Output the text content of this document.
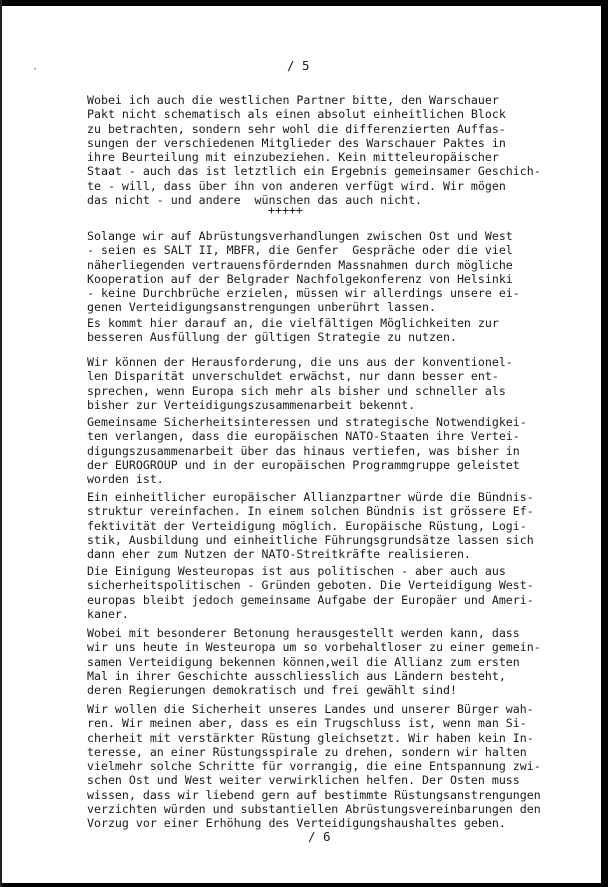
·	/ 5
Wobei ich auch die westlichen Partner bitte, den Warschauer
Pakt nicht schematisch als einen absolut einheitlichen Block
zu betrachten, sondern sehr wohl die differenzierten Auffas-
sungen der verschiedenen Mitglieder des Warschauer Paktes in
ihre Beurteilung mit einzubeziehen. Kein mitteleuropäischer
Staat - auch das ist letztlich ein Ergebnis gemeinsamer Geschich-
te - will, dass über ihn von anderen verfügt wird. Wir mögen
das nicht - und andere  wünschen das auch nicht.
+++++
Solange wir auf Abrüstungsverhandlungen zwischen Ost und West
- seien es SALT II, MBFR, die Genfer  Gespräche oder die viel
näherliegenden vertrauensfördernden Massnahmen durch mögliche
Kooperation auf der Belgrader Nachfolgekonferenz von Helsinki
- keine Durchbrüche erzielen, müssen wir allerdings unsere ei-
genen Verteidigungsanstrengungen unberührt lassen.
Es kommt hier darauf an, die vielfältigen Möglichkeiten zur
besseren Ausfüllung der gültigen Strategie zu nutzen.
Wir können der Herausforderung, die uns aus der konventionel-
len Disparität unverschuldet erwächst, nur dann besser ent-
sprechen, wenn Europa sich mehr als bisher und schneller als
bisher zur Verteidigungszusammenarbeit bekennt.
Gemeinsame Sicherheitsinteressen und strategische Notwendigkei-
ten verlangen, dass die europäischen NATO-Staaten ihre Vertei-
digungszusammenarbeit über das hinaus vertiefen, was bisher in
der EUROGROUP und in der europäischen Programmgruppe geleistet
worden ist.
Ein einheitlicher europäischer Allianzpartner würde die Bündnis-
struktur vereinfachen. In einem solchen Bündnis ist grössere Ef-
fektivität der Verteidigung möglich. Europäische Rüstung, Logi-
stik, Ausbildung und einheitliche Führungsgrundsätze lassen sich
dann eher zum Nutzen der NATO-Streitkräfte realisieren.
Die Einigung Westeuropas ist aus politischen - aber auch aus
sicherheitspolitischen - Gründen geboten. Die Verteidigung West-
europas bleibt jedoch gemeinsame Aufgabe der Europäer und Ameri-
kaner.
Wobei mit besonderer Betonung herausgestellt werden kann, dass
wir uns heute in Westeuropa um so vorbehaltloser zu einer gemein-
samen Verteidigung bekennen können,weil die Allianz zum ersten
Mal in ihrer Geschichte ausschliesslich aus Ländern besteht,
deren Regierungen demokratisch und frei gewählt sind!
Wir wollen die Sicherheit unseres Landes und unserer Bürger wah-
ren. Wir meinen aber, dass es ein Trugschluss ist, wenn man Si-
cherheit mit verstärkter Rüstung gleichsetzt. Wir haben kein In-
teresse, an einer Rüstungsspirale zu drehen, sondern wir halten
vielmehr solche Schritte für vorrangig, die eine Entspannung zwi-
schen Ost und West weiter verwirklichen helfen. Der Osten muss
wissen, dass wir liebend gern auf bestimmte Rüstungsanstrengungen
verzichten würden und substantiellen Abrüstungsvereinbarungen den
Vorzug vor einer Erhöhung des Verteidigungshaushaltes geben.
/ 6
